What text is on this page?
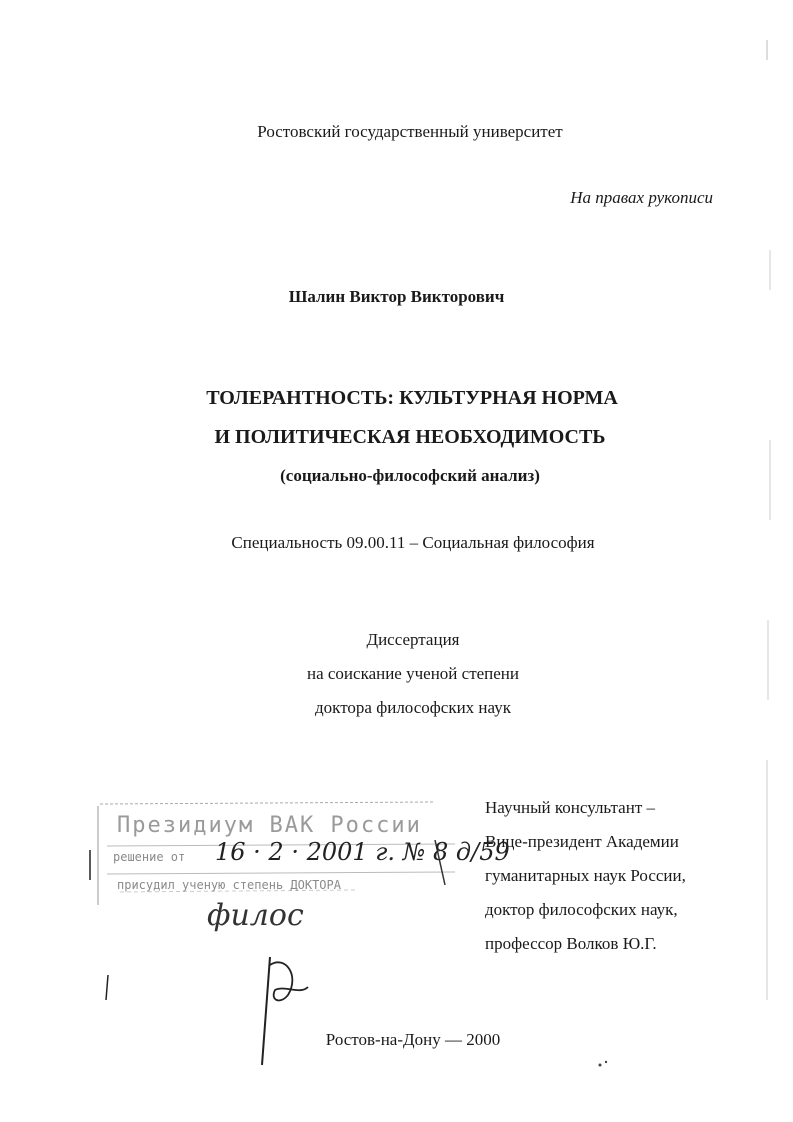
Ростовский государственный университет
На правах рукописи
Шалин Виктор Викторович
ТОЛЕРАНТНОСТЬ: КУЛЬТУРНАЯ НОРМА
И ПОЛИТИЧЕСКАЯ НЕОБХОДИМОСТЬ
(социально-философский анализ)
Специальность 09.00.11 – Социальная философия
Диссертация
на соискание ученой степени
доктора философских наук
Научный консультант –
Вице-президент Академии
гуманитарных наук России,
доктор философских наук,
профессор Волков Ю.Г.
Президиум ВАК России
решение от 16 · 2 · 2001 г. № 8 д/59
присудил ученую степень ДОКТОРА
филос
Ростов-на-Дону — 2000
